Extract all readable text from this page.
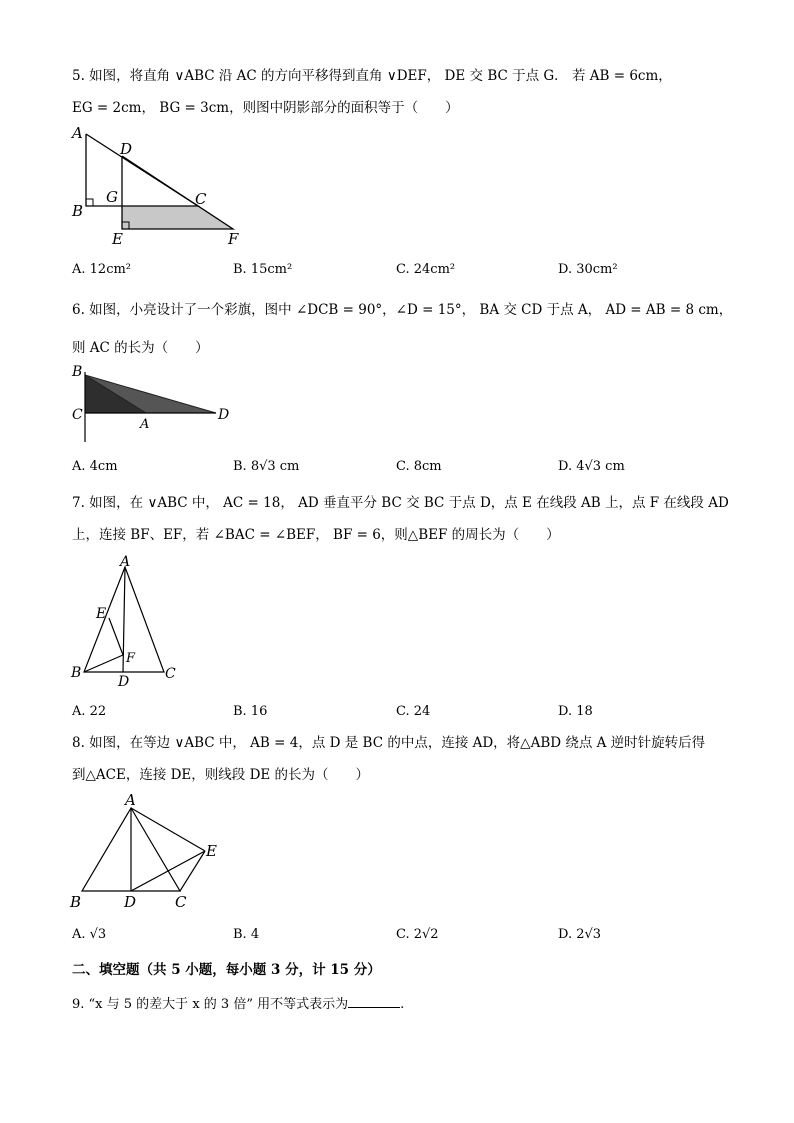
5. 如图，将直角 ∨ABC 沿 AC 的方向平移得到直角 ∨DEF， DE 交 BC 于点 G． 若 AB = 6cm，
EG = 2cm， BG = 3cm，则图中阴影部分的面积等于（　　）
A
B
C
D
E	F
G
A. 12cm²	B. 15cm²	C. 24cm²	D. 30cm²
6. 如图，小亮设计了一个彩旗，图中 ∠DCB = 90°，∠D = 15°， BA 交 CD 于点 A， AD = AB = 8 cm，
则 AC 的长为（　　）
B
C
A
D
A. 4cm	B. 8√3 cm	C. 8cm	D. 4√3 cm
7. 如图，在 ∨ABC 中， AC = 18， AD 垂直平分 BC 交 BC 于点 D，点 E 在线段 AB 上，点 F 在线段 AD
上，连接 BF、EF，若 ∠BAC = ∠BEF， BF = 6，则△BEF 的周长为（　　）
A
E
F
B
D	C
A. 22	B. 16	C. 24	D. 18
8. 如图，在等边 ∨ABC 中， AB = 4，点 D 是 BC 的中点，连接 AD，将△ABD 绕点 A 逆时针旋转后得
到△ACE，连接 DE，则线段 DE 的长为（　　）
A
E
B	D	C
A. √3	B. 4	C. 2√2	D. 2√3
二、填空题（共 5 小题，每小题 3 分，计 15 分）
9. “x 与 5 的差大于 x 的 3 倍” 用不等式表示为	.
